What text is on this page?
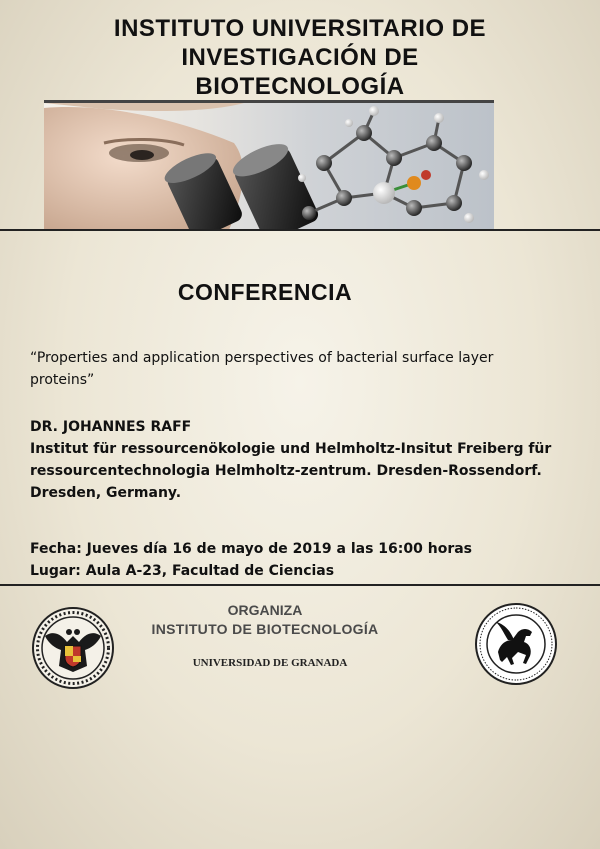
INSTITUTO UNIVERSITARIO DE
INVESTIGACIÓN DE
BIOTECNOLOGÍA
CONFERENCIA
“Properties and application perspectives of bacterial surface layer proteins”
DR. JOHANNES RAFF
Institut für ressourcenökologie und Helmholtz-Insitut Freiberg für
ressourcentechnologia Helmholtz-zentrum. Dresden-Rossendorf.
Dresden, Germany.
Fecha: Jueves día 16 de mayo de 2019 a las 16:00 horas
Lugar: Aula A-23, Facultad de Ciencias
ORGANIZA
INSTITUTO DE BIOTECNOLOGÍA
UNIVERSIDAD DE GRANADA
